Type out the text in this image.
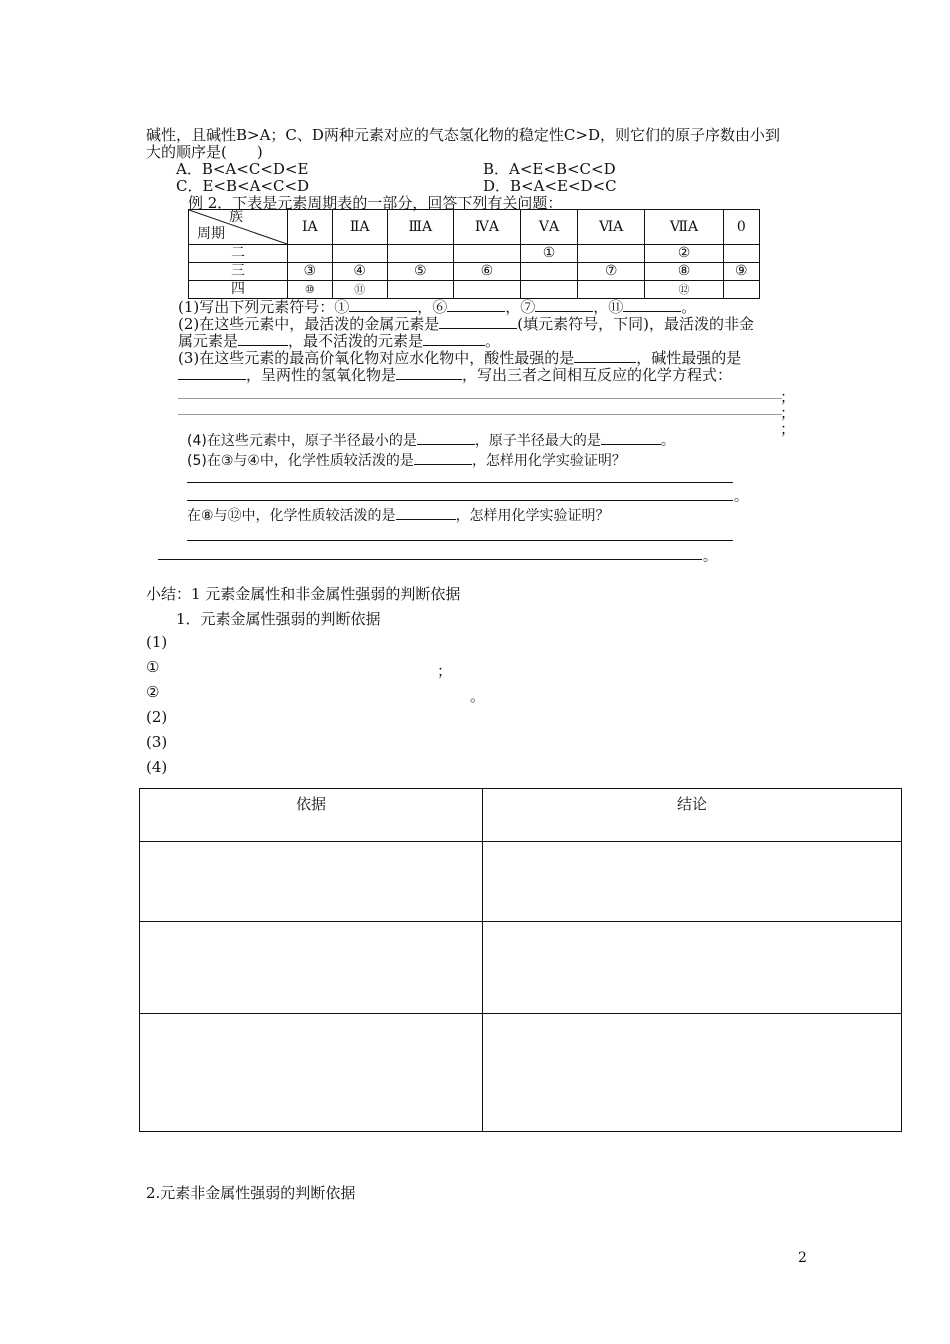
碱性，且碱性B>A；C、D两种元素对应的气态氢化物的稳定性C>D，则它们的原子序数由小到
大的顺序是(　　)
A．B<A<C<D<E	B．A<E<B<C<D
C．E<B<A<C<D	D．B<A<E<D<C
例 2．下表是元素周期表的一部分，回答下列有关问题：
族
周期	ⅠA	ⅡA	ⅢA	ⅣA	ⅤA	ⅥA	ⅦA	0
二					①		②	
三	③	④	⑤	⑥		⑦	⑧	⑨
四	⑩	⑪					⑫	
(1)写出下列元素符号：①	，⑥	，⑦	，⑪	。
(2)在这些元素中，最活泼的金属元素是	(填元素符号，下同)，最活泼的非金
属元素是	，最不活泼的元素是	。
(3)在这些元素的最高价氧化物对应水化物中，酸性最强的是	，碱性最强的是
，呈两性的氢氧化物是	，写出三者之间相互反应的化学方程式：
；
；
；
(4)在这些元素中，原子半径最小的是	，原子半径最大的是	。
(5)在③与④中，化学性质较活泼的是	，怎样用化学实验证明？
。
在⑧与⑫中，化学性质较活泼的是	，怎样用化学实验证明？
。
小结：1 元素金属性和非金属性强弱的判断依据
1．元素金属性强弱的判断依据
(1)
①	；
②	。
(2)
(3)
(4)
依据	结论

2.元素非金属性强弱的判断依据
2
